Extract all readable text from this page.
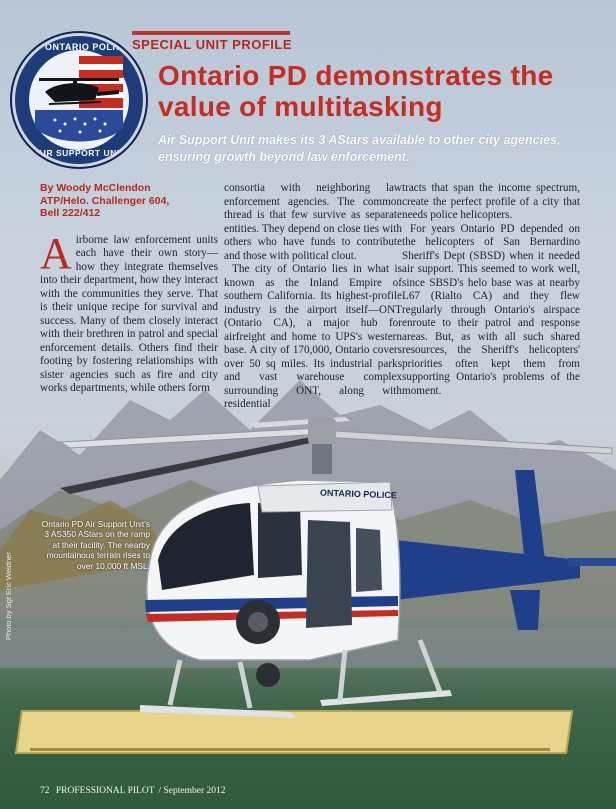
ONTARIO POLICE
ONTARIO POLICE
AIR SUPPORT UNIT

SPECIAL UNIT PROFILE

Ontario PD demonstrates the value of multitasking

Air Support Unit makes its 3 AStars available to other city agencies, ensuring growth beyond law enforcement.

By Woody McClendon
ATP/Helo. Challenger 604,
Bell 222/412

Airborne law enforcement units each have their own story—how they integrate themselves into their department, how they interact with the communities they serve. That is their unique recipe for survival and success. Many of them closely interact with their brethren in patrol and special enforcement details. Others find their footing by fostering relationships with sister agencies such as fire and city works departments, while others form

consortia with neighboring law enforcement agencies. The common thread is that few survive as separate entities. They depend on close ties with others who have funds to contribute and those with political clout.

The city of Ontario lies in what is known as the Inland Empire of southern California. Its highest-profile industry is the airport itself—ONT (Ontario CA), a major hub for airfreight and home to UPS's western base. A city of 170,000, Ontario covers over 50 sq miles. Its industrial parks and vast warehouse complex surrounding ONT, along with residential

tracts that span the income spectrum, create the perfect profile of a city that needs police helicopters.

For years Ontario PD depended on the helicopters of San Bernardino Sheriff's Dept (SBSD) when it needed air support. This seemed to work well, since SBSD's helo base was at nearby L67 (Rialto CA) and they flew regularly through Ontario's airspace enroute to their patrol and response areas. But, as with all such shared resources, the Sheriff's helicopters' priorities often kept them from supporting Ontario's problems of the moment.

Ontario PD Air Support Unit's 3 AS350 AStars on the ramp at their facility. The nearby mountainous terrain rises to over 10,000 ft MSL.

Photo by Sgt Eric Weidner

72 PROFESSIONAL PILOT / September 2012
